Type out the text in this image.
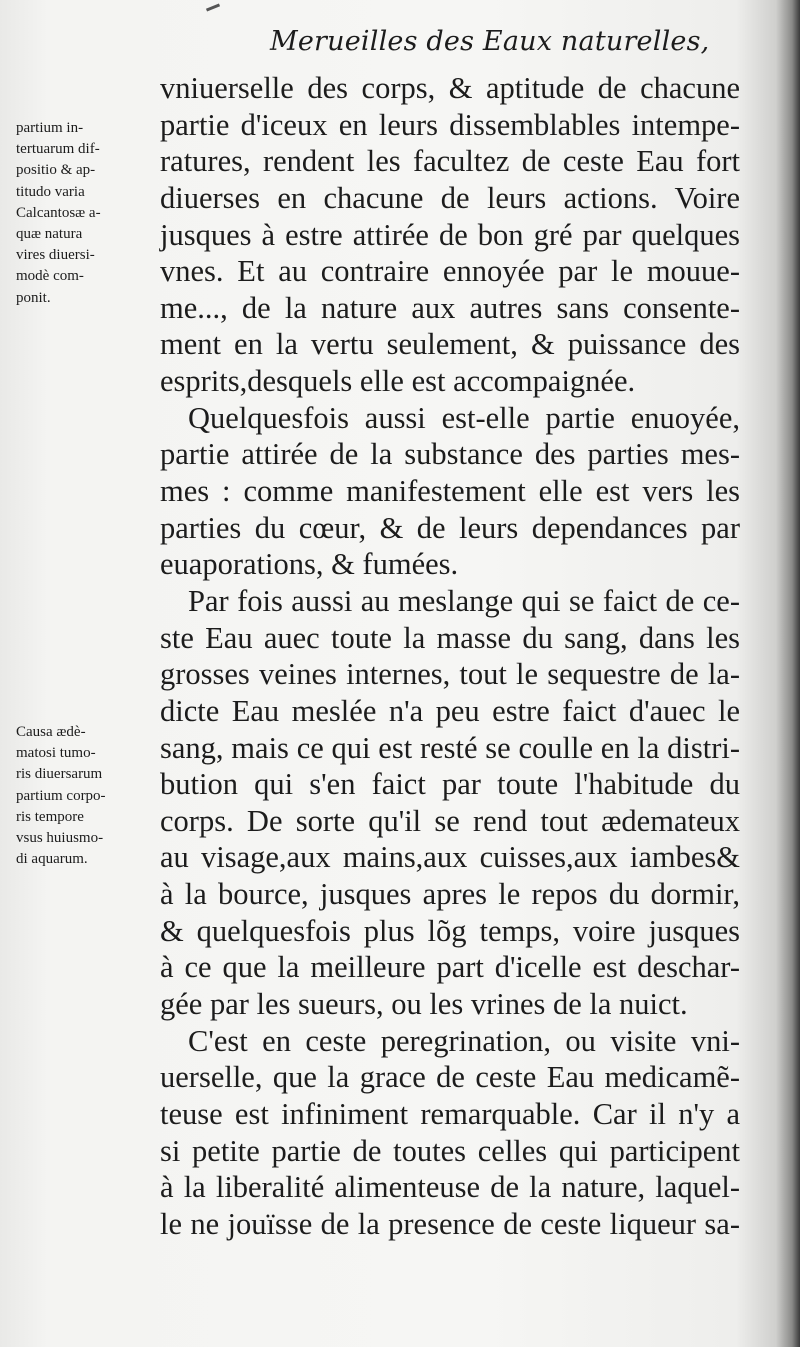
Merueilles des Eaux naturelles,
partium in-
tertuarum dif-
positio & ap-
titudo varia
Calcantosæ a-
quæ natura
vires diuersi-
modè com-
ponit.
Causa ædè-
matosi tumo-
ris diuersarum
partium corpo-
ris tempore
vsus huiusmo-
di aquarum.
vniuerselle des corps, & aptitude de chacune
partie d'iceux en leurs dissemblables intempe-
ratures, rendent les facultez de ceste Eau fort
diuerses en chacune de leurs actions. Voire
jusques à estre attirée de bon gré par quelques
vnes. Et au contraire ennoyée par le mouue-
me..., de la nature aux autres sans consente-
ment en la vertu seulement, & puissance des
esprits,desquels elle est accompaignée.
Quelquesfois aussi est-elle partie enuoyée,
partie attirée de la substance des parties mes-
mes : comme manifestement elle est vers les
parties du cœur, & de leurs dependances par
euaporations, & fumées.
Par fois aussi au meslange qui se faict de ce-
ste Eau auec toute la masse du sang, dans les
grosses veines internes, tout le sequestre de la-
dicte Eau meslée n'a peu estre faict d'auec le
sang, mais ce qui est resté se coulle en la distri-
bution qui s'en faict par toute l'habitude du
corps. De sorte qu'il se rend tout ædemateux
au visage,aux mains,aux cuisses,aux iambes&
à la bource, jusques apres le repos du dormir,
& quelquesfois plus lõg temps, voire jusques
à ce que la meilleure part d'icelle est deschar-
gée par les sueurs, ou les vrines de la nuict.
C'est en ceste peregrination, ou visite vni-
uerselle, que la grace de ceste Eau medicamẽ-
teuse est infiniment remarquable. Car il n'y a
si petite partie de toutes celles qui participent
à la liberalité alimenteuse de la nature, laquel-
le ne jouïsse de la presence de ceste liqueur sa-
